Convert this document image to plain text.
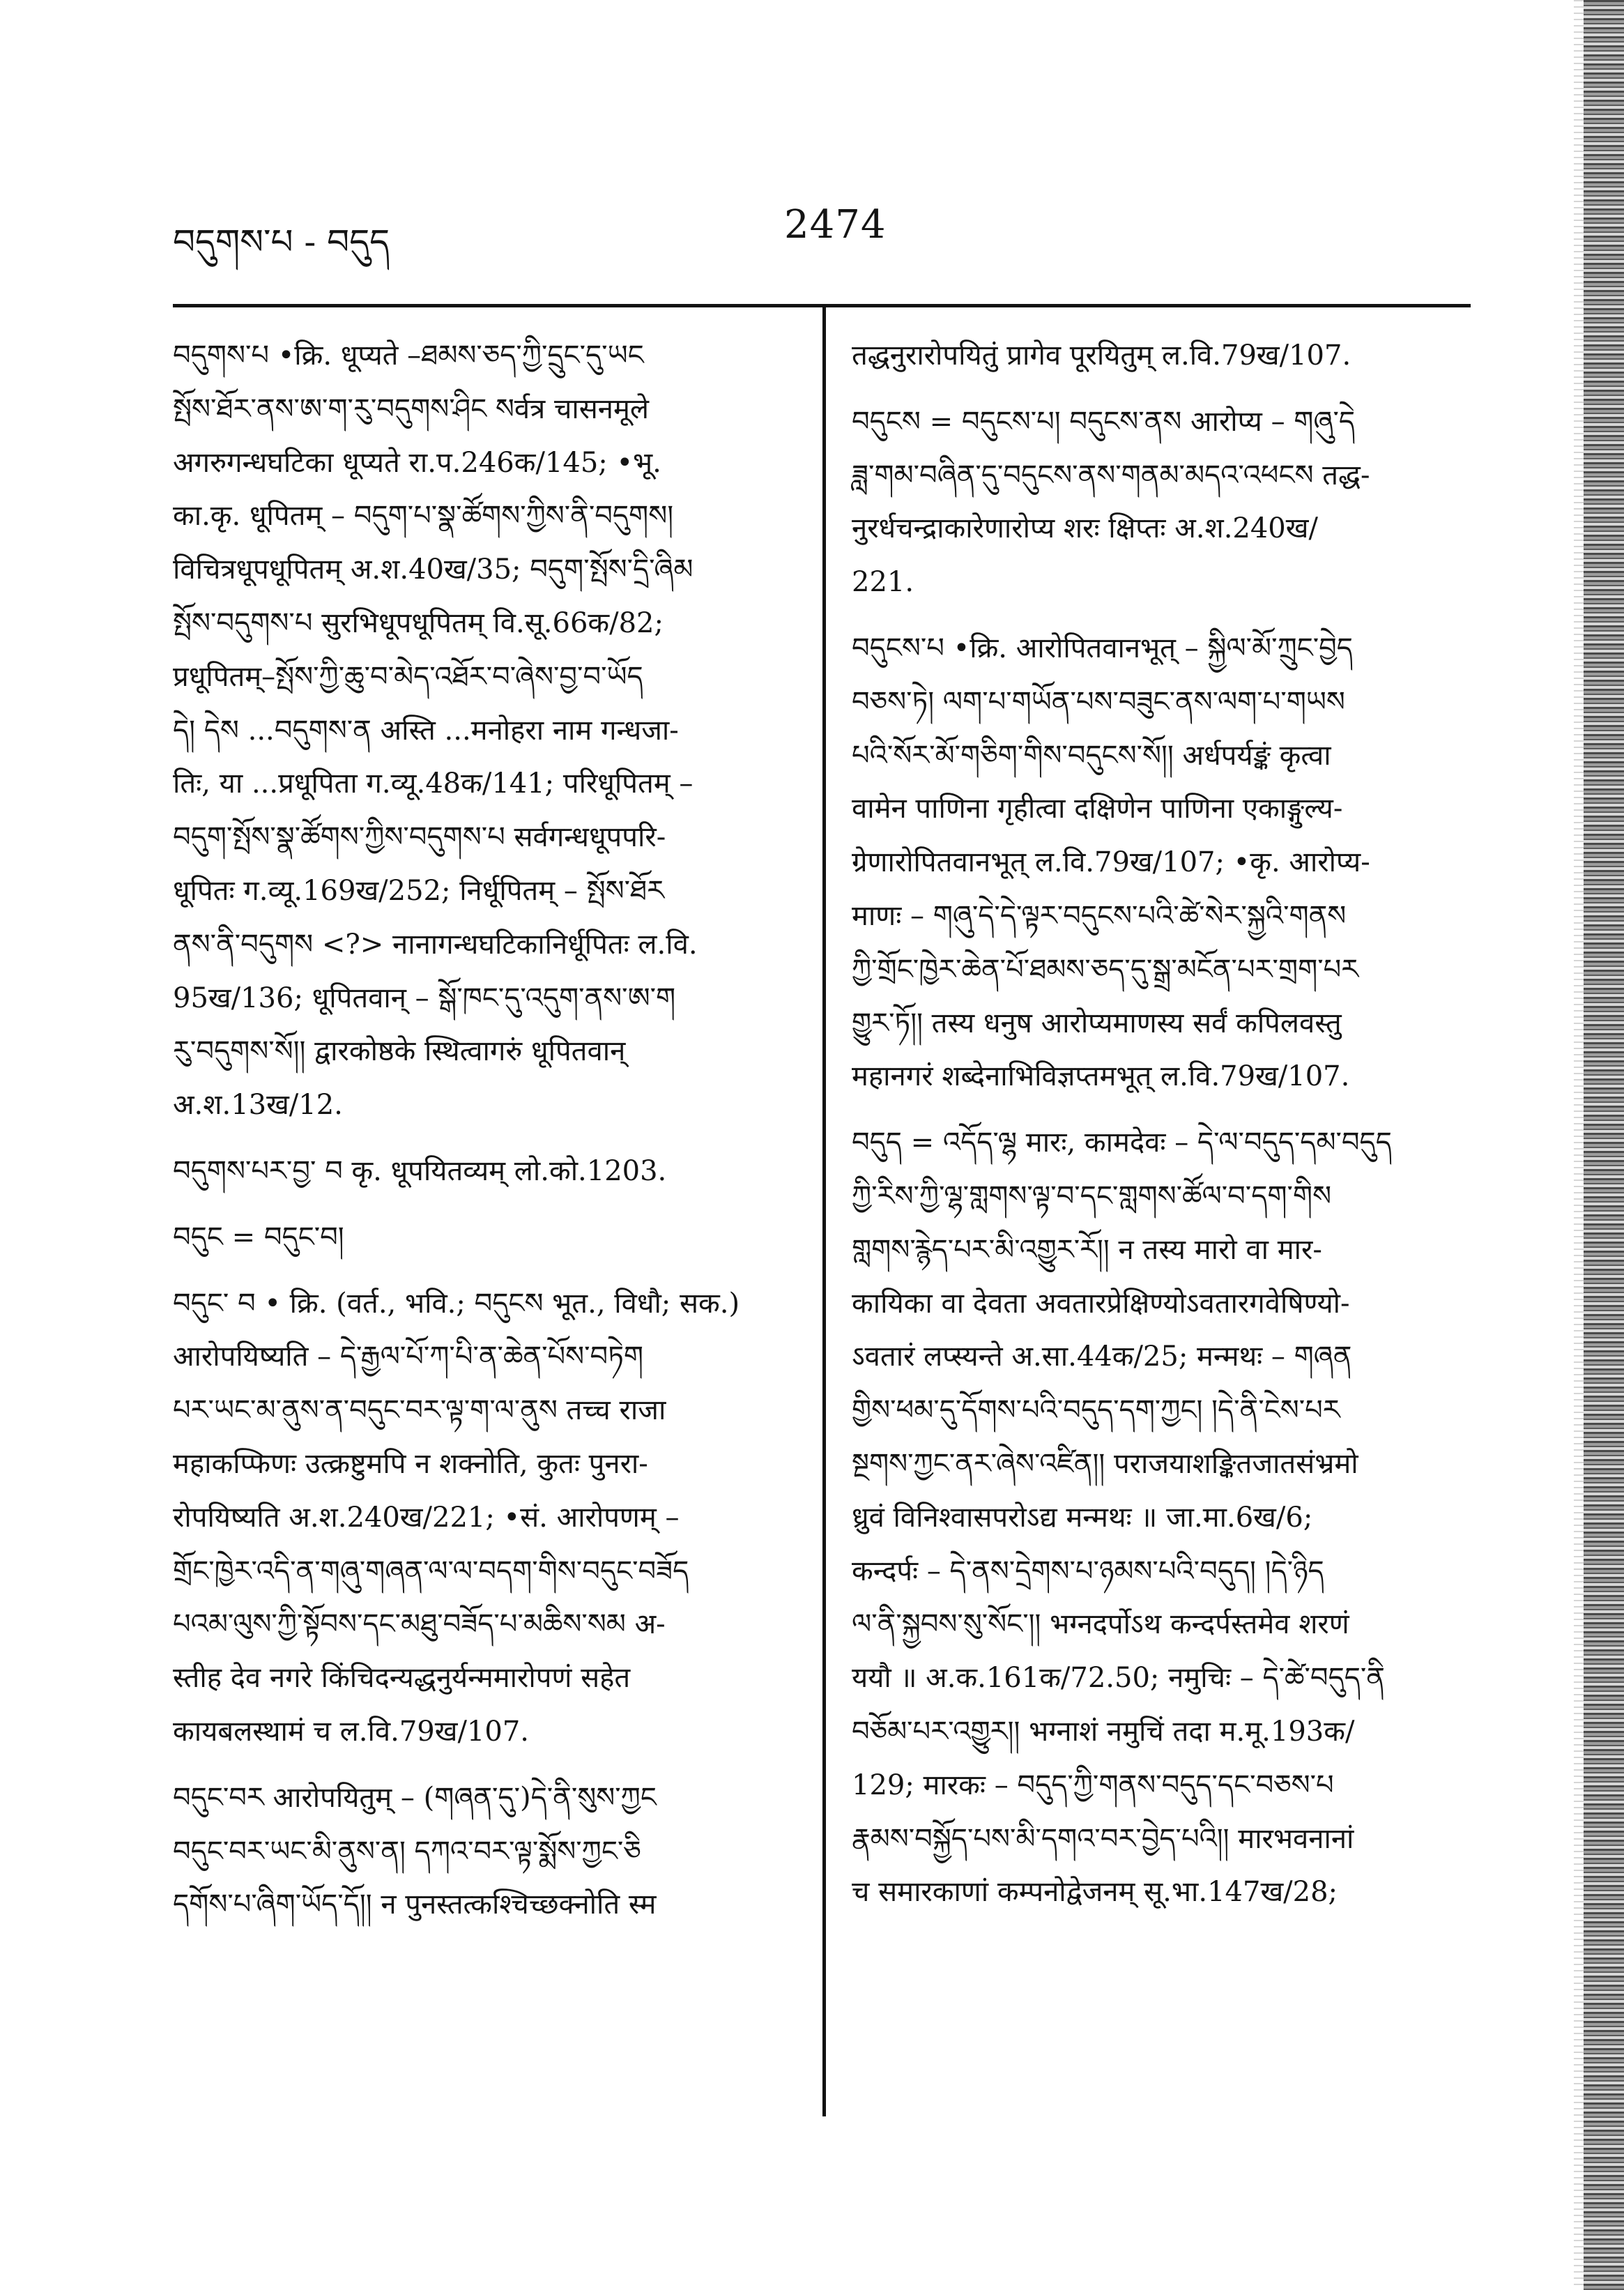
བདུགས་པ - བདུད	2474

བདུགས་པ •क्रि. धूप्यते –ཐམས་ཅད་ཀྱི་དྲུང་དུ་ཡང

སྤོས་ཐོར་ནས་ཨ་ག་རུ་བདུགས་ཤིང སर्वत्र चासनमूले

अगरुगन्धघटिका धूप्यते रा.प.246क/145; •भू.

का.कृ. धूपितम् – བདུག་པ་སྣ་ཚོགས་ཀྱིས་ནི་བདུགས།

विचित्रधूपधूपितम् अ.श.40ख/35; བདུག་སྤོས་དྲི་ཞིམ

སྤོས་བདུགས་པ सुरभिधूपधूपितम् वि.सू.66क/82;

प्रधूपितम्–སྤོས་ཀྱི་ཆུ་བ་མེད་འཐོར་བ་ཞེས་བྱ་བ་ཡོད

དེ། དེས ...བདུགས་ན अस्ति ...मनोहरा नाम गन्धजा-

तिः, या ...प्रधूपिता ग.व्यू.48क/141; परिधूपितम् –

བདུག་སྤོས་སྣ་ཚོགས་ཀྱིས་བདུགས་པ सर्वगन्धधूपपरि-

धूपितः ग.व्यू.169ख/252; निर्धूपितम् – སྤོས་ཐོར

ནས་ནི་བདུགས <?> नानागन्धघटिकानिर्धूपितः ल.वि.

95ख/136; धूपितवान् – སྒོ་ཁང་དུ་འདུག་ནས་ཨ་ག

རུ་བདུགས་སོ།། द्वारकोष्ठके स्थित्वागरुं धूपितवान्

अ.श.13ख/12.

བདུགས་པར་བྱ་ བ कृ. धूपयितव्यम् लो.को.1203.

བདུང = བདུང་བ།

བདུང་ བ • क्रि. (वर्त., भवि.; བདུངས भूत., विधौ; सक.)

आरोपयिष्यति – དེ་རྒྱལ་པོ་ཀ་པི་ན་ཆེན་པོས་བཏེག

པར་ཡང་མ་ནུས་ན་བདུང་བར་ལྟ་ག་ལ་ནུས तच्च राजा

महाकप्फिणः उत्क्रष्टुमपि न शक्नोति, कुतः पुनरा-

रोपयिष्यति अ.श.240ख/221; •सं. आरोपणम् –

གྲོང་ཁྱེར་འདི་ན་གཞུ་གཞན་ལ་ལ་བདག་གིས་བདུང་བཟོད

པའམ་ལུས་ཀྱི་སྟོབས་དང་མཐུ་བཟོད་པ་མཆིས་སམ अ-

स्तीह देव नगरे किंचिदन्यद्धनुर्यन्ममारोपणं सहेत

कायबलस्थामं च ल.वि.79ख/107.

བདུང་བར आरोपयितुम् – (གཞན་དུ་)དེ་ནི་སུས་ཀྱང

བདུང་བར་ཡང་མི་ནུས་ན། དཀའ་བར་ལྟ་སྨོས་ཀྱང་ཅི

དགོས་པ་ཞིག་ཡོད་དོ།། न पुनस्तत्कश्चिच्छक्नोति स्म

तद्धनुरारोपयितुं प्रागेव पूरयितुम् ल.वि.79ख/107.

བདུངས = བདུངས་པ། བདུངས་ནས आरोप्य – གཞུ་དེ

ཟླ་གམ་བཞིན་དུ་བདུངས་ནས་གནམ་མདའ་འཕངས तद्ध-

नुरर्धचन्द्राकारेणारोप्य शरः क्षिप्तः अ.श.240ख/

221.

བདུངས་པ •क्रि. आरोपितवानभूत् – སྐྱིལ་མོ་ཀྲུང་བྱེད

བཅས་ཏེ། ལག་པ་གཡོན་པས་བཟུང་ནས་ལག་པ་གཡས

པའི་སོར་མོ་གཅིག་གིས་བདུངས་སོ།། अर्धपर्यङ्कं कृत्वा

वामेन पाणिना गृहीत्वा दक्षिणेन पाणिना एकाङ्गुल्य-

ग्रेणारोपितवानभूत् ल.वि.79ख/107; •कृ. आरोप्य-

माणः – གཞུ་དེ་དེ་ལྟར་བདུངས་པའི་ཚེ་སེར་སྐྱའི་གནས

ཀྱི་གྲོང་ཁྱེར་ཆེན་པོ་ཐམས་ཅད་དུ་སྒྲ་མངོན་པར་གྲག་པར

གྱུར་ཏོ།། तस्य धनुष आरोप्यमाणस्य सर्वं कपिलवस्तु

महानगरं शब्देनाभिविज्ञप्तमभूत् ल.वि.79ख/107.

བདུད = འདོད་ལྷ मारः, कामदेवः – དེ་ལ་བདུད་དམ་བདུད

ཀྱི་རིས་ཀྱི་ལྷ་གླགས་ལྟ་བ་དང་གླགས་ཚོལ་བ་དག་གིས

གླགས་རྙེད་པར་མི་འགྱུར་རོ།། न तस्य मारो वा मार-

कायिका वा देवता अवतारप्रेक्षिण्योऽवतारगवेषिण्यो-

ऽवतारं लप्स्यन्ते अ.सा.44क/25; मन्मथः – གཞན

གྱིས་ཕམ་དུ་དོགས་པའི་བདུད་དག་ཀྱང། །དེ་ནི་ངེས་པར

སྔགས་ཀྱང་ནར་ཞེས་འཛིན།། पराजयाशङ्कितजातसंभ्रमो

ध्रुवं विनिश्वासपरोऽद्य मन्मथः ॥ जा.मा.6ख/6;

कन्दर्पः – དེ་ནས་དྲེགས་པ་ཉམས་པའི་བདུད། །དེ་ཉིད

ལ་ནི་སྐྱབས་སུ་སོང་།། भग्नदर्पोऽथ कन्दर्पस्तमेव शरणं

ययौ ॥ अ.क.161क/72.50; नमुचिः – དེ་ཚེ་བདུད་ནི

བཅོམ་པར་འགྱུར།། भग्नाशं नमुचिं तदा म.मू.193क/

129; मारकः – བདུད་ཀྱི་གནས་བདུད་དང་བཅས་པ

རྣམས་བསྐྱོད་པས་མི་དགའ་བར་བྱེད་པའི།། मारभवनानां

च समारकाणां कम्पनोद्वेजनम् सू.भा.147ख/28;
